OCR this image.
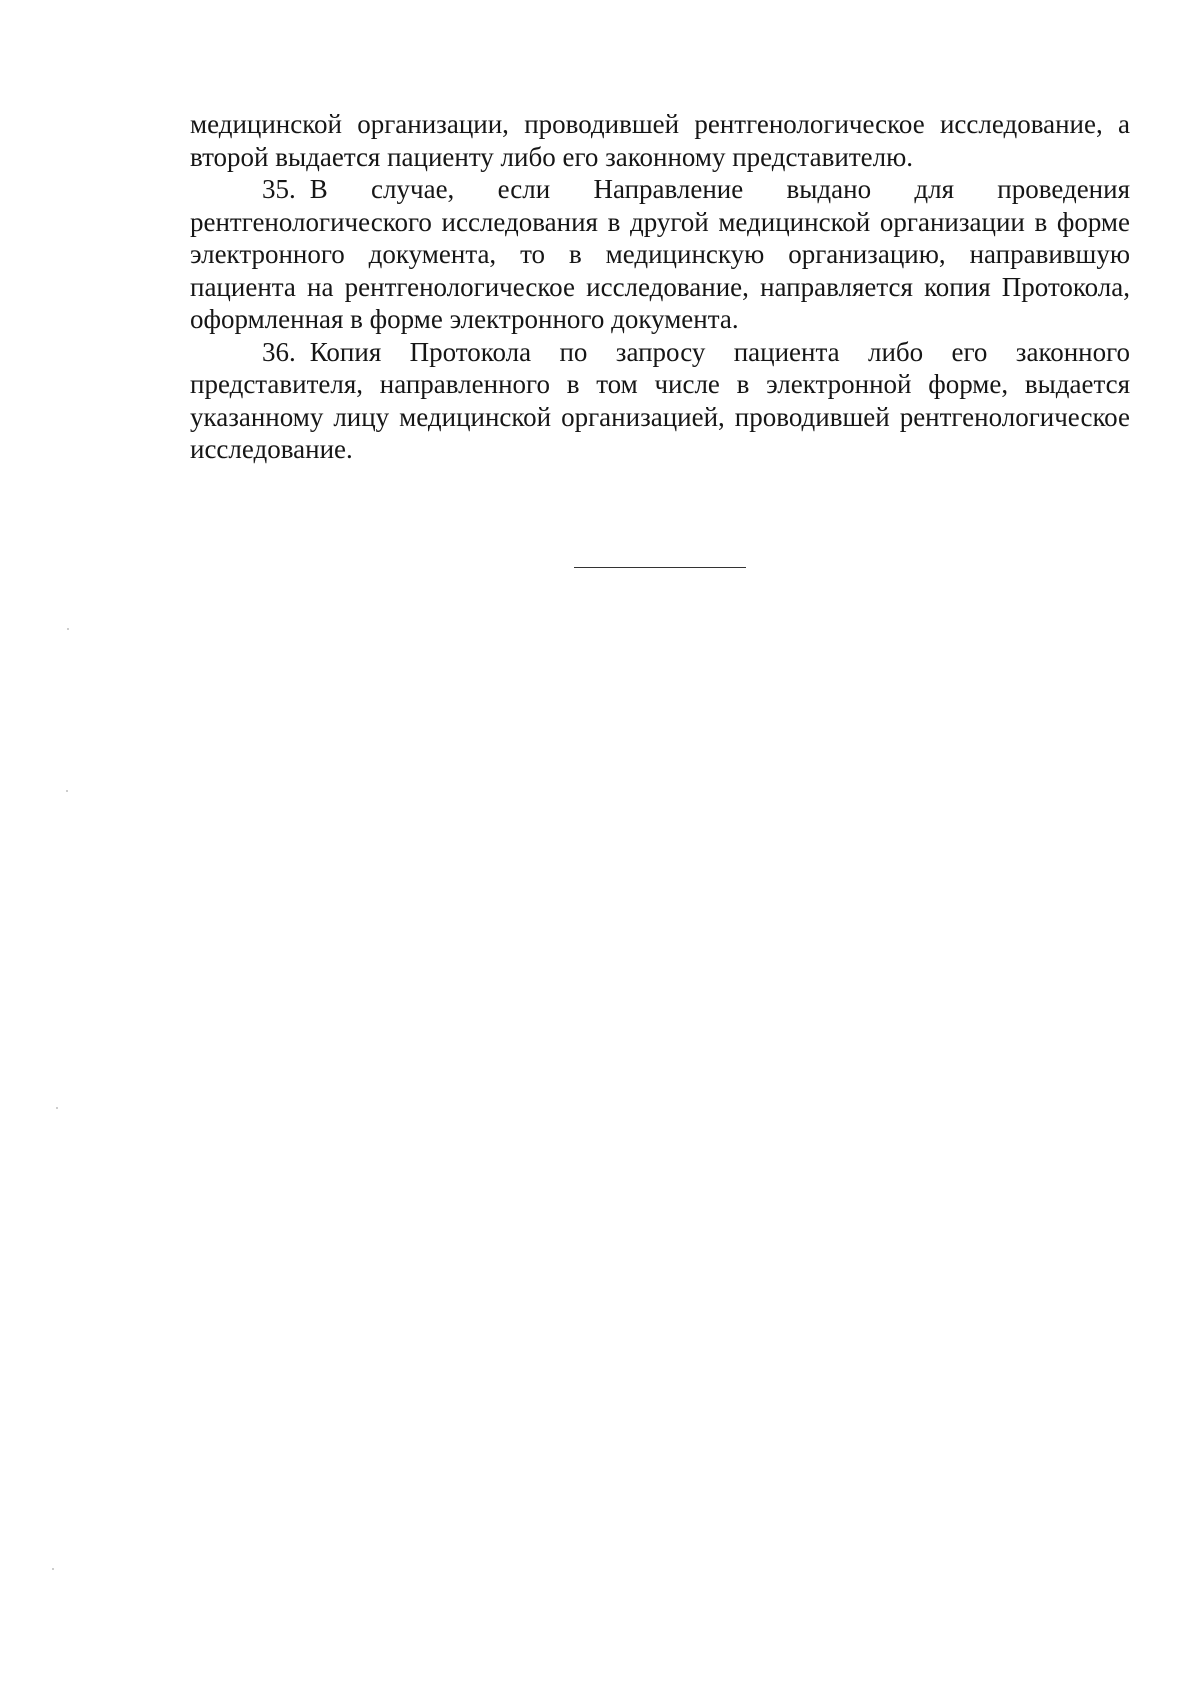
медицинской организации, проводившей рентгенологическое исследование, а второй выдается пациенту либо его законному представителю.

35. В случае, если Направление выдано для проведения рентгенологического исследования в другой медицинской организации в форме электронного документа, то в медицинскую организацию, направившую пациента на рентгенологическое исследование, направляется копия Протокола, оформленная в форме электронного документа.

36. Копия Протокола по запросу пациента либо его законного представителя, направленного в том числе в электронной форме, выдается указанному лицу медицинской организацией, проводившей рентгенологическое исследование.
